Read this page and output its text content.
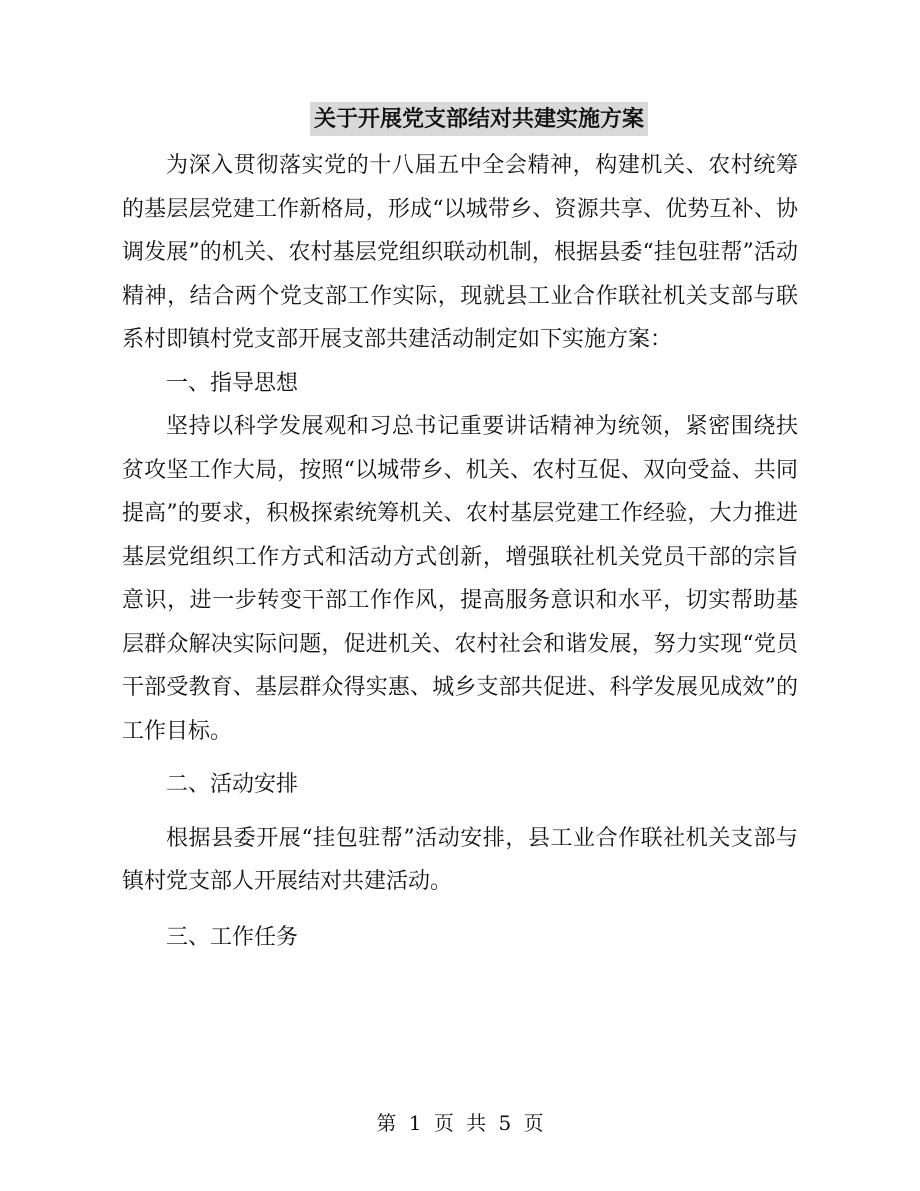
关于开展党支部结对共建实施方案

为深入贯彻落实党的十八届五中全会精神，构建机关、农村统筹的基层层党建工作新格局，形成“以城带乡、资源共享、优势互补、协调发展”的机关、农村基层党组织联动机制，根据县委“挂包驻帮”活动精神，结合两个党支部工作实际，现就县工业合作联社机关支部与联系村即镇村党支部开展支部共建活动制定如下实施方案：

一、指导思想

坚持以科学发展观和习总书记重要讲话精神为统领，紧密围绕扶贫攻坚工作大局，按照“以城带乡、机关、农村互促、双向受益、共同提高”的要求，积极探索统筹机关、农村基层党建工作经验，大力推进基层党组织工作方式和活动方式创新，增强联社机关党员干部的宗旨意识，进一步转变干部工作作风，提高服务意识和水平，切实帮助基层群众解决实际问题，促进机关、农村社会和谐发展，努力实现“党员干部受教育、基层群众得实惠、城乡支部共促进、科学发展见成效”的工作目标。

二、活动安排

根据县委开展“挂包驻帮”活动安排，县工业合作联社机关支部与镇村党支部人开展结对共建活动。

三、工作任务

第 1 页 共 5 页
